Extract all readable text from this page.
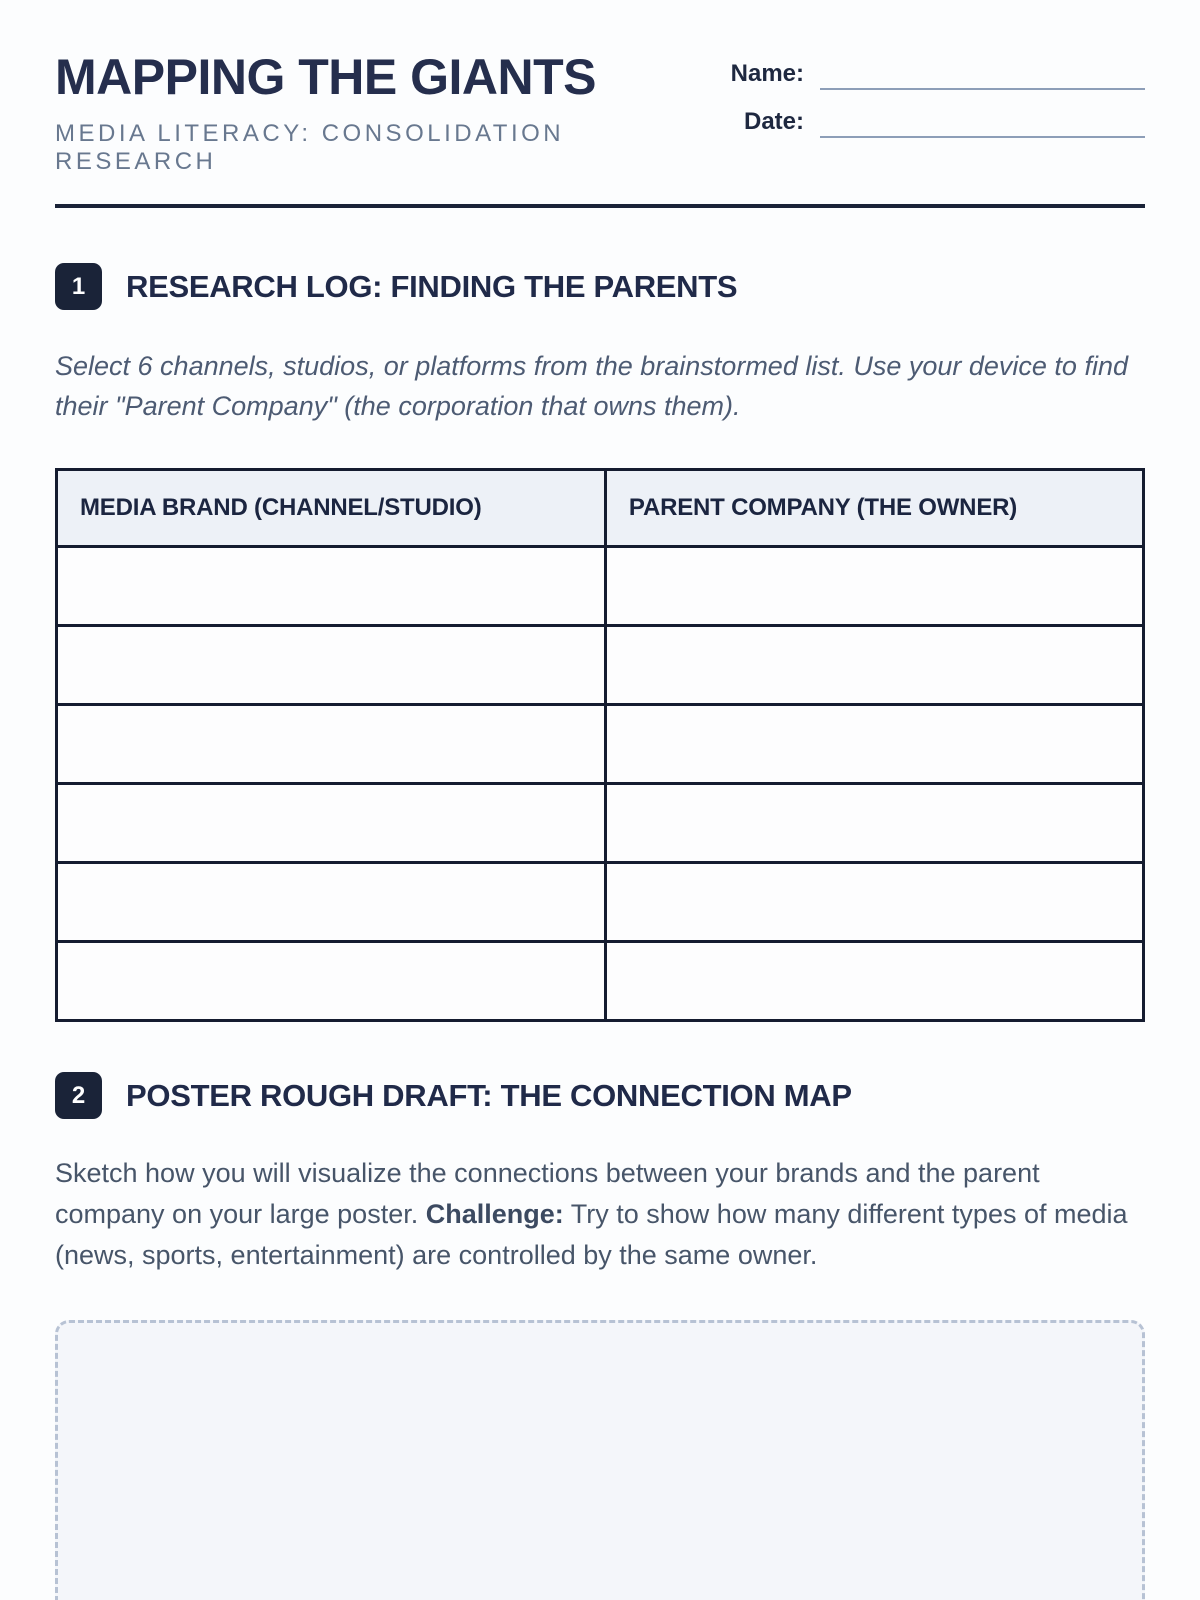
MAPPING THE GIANTS
MEDIA LITERACY: CONSOLIDATION RESEARCH
Name:
Date:
1	RESEARCH LOG: FINDING THE PARENTS

Select 6 channels, studios, or platforms from the brainstormed list. Use your device to find their "Parent Company" (the corporation that owns them).

MEDIA BRAND (CHANNEL/STUDIO)	PARENT COMPANY (THE OWNER)

2	POSTER ROUGH DRAFT: THE CONNECTION MAP

Sketch how you will visualize the connections between your brands and the parent company on your large poster. Challenge: Try to show how many different types of media (news, sports, entertainment) are controlled by the same owner.
